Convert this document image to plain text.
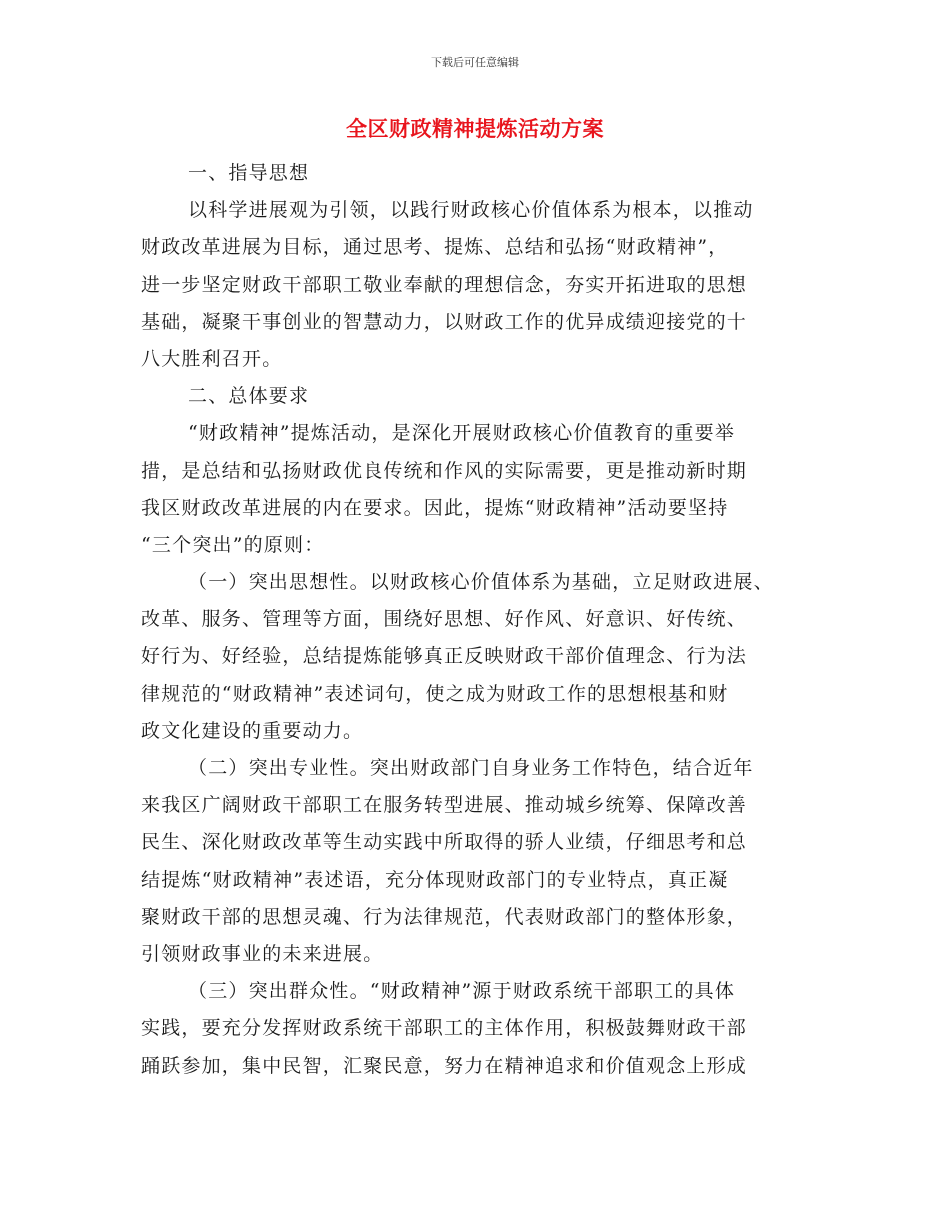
下载后可任意编辑
全区财政精神提炼活动方案
一、指导思想
以科学进展观为引领，以践行财政核心价值体系为根本，以推动
财政改革进展为目标，通过思考、提炼、总结和弘扬“财政精神”，
进一步坚定财政干部职工敬业奉献的理想信念，夯实开拓进取的思想
基础，凝聚干事创业的智慧动力，以财政工作的优异成绩迎接党的十
八大胜利召开。
二、总体要求
“财政精神”提炼活动，是深化开展财政核心价值教育的重要举
措，是总结和弘扬财政优良传统和作风的实际需要，更是推动新时期
我区财政改革进展的内在要求。因此，提炼“财政精神”活动要坚持
“三个突出”的原则：
（一）突出思想性。以财政核心价值体系为基础，立足财政进展、
改革、服务、管理等方面，围绕好思想、好作风、好意识、好传统、
好行为、好经验，总结提炼能够真正反映财政干部价值理念、行为法
律规范的“财政精神”表述词句，使之成为财政工作的思想根基和财
政文化建设的重要动力。
（二）突出专业性。突出财政部门自身业务工作特色，结合近年
来我区广阔财政干部职工在服务转型进展、推动城乡统筹、保障改善
民生、深化财政改革等生动实践中所取得的骄人业绩，仔细思考和总
结提炼“财政精神”表述语，充分体现财政部门的专业特点，真正凝
聚财政干部的思想灵魂、行为法律规范，代表财政部门的整体形象，
引领财政事业的未来进展。
（三）突出群众性。“财政精神”源于财政系统干部职工的具体
实践，要充分发挥财政系统干部职工的主体作用，积极鼓舞财政干部
踊跃参加，集中民智，汇聚民意，努力在精神追求和价值观念上形成
